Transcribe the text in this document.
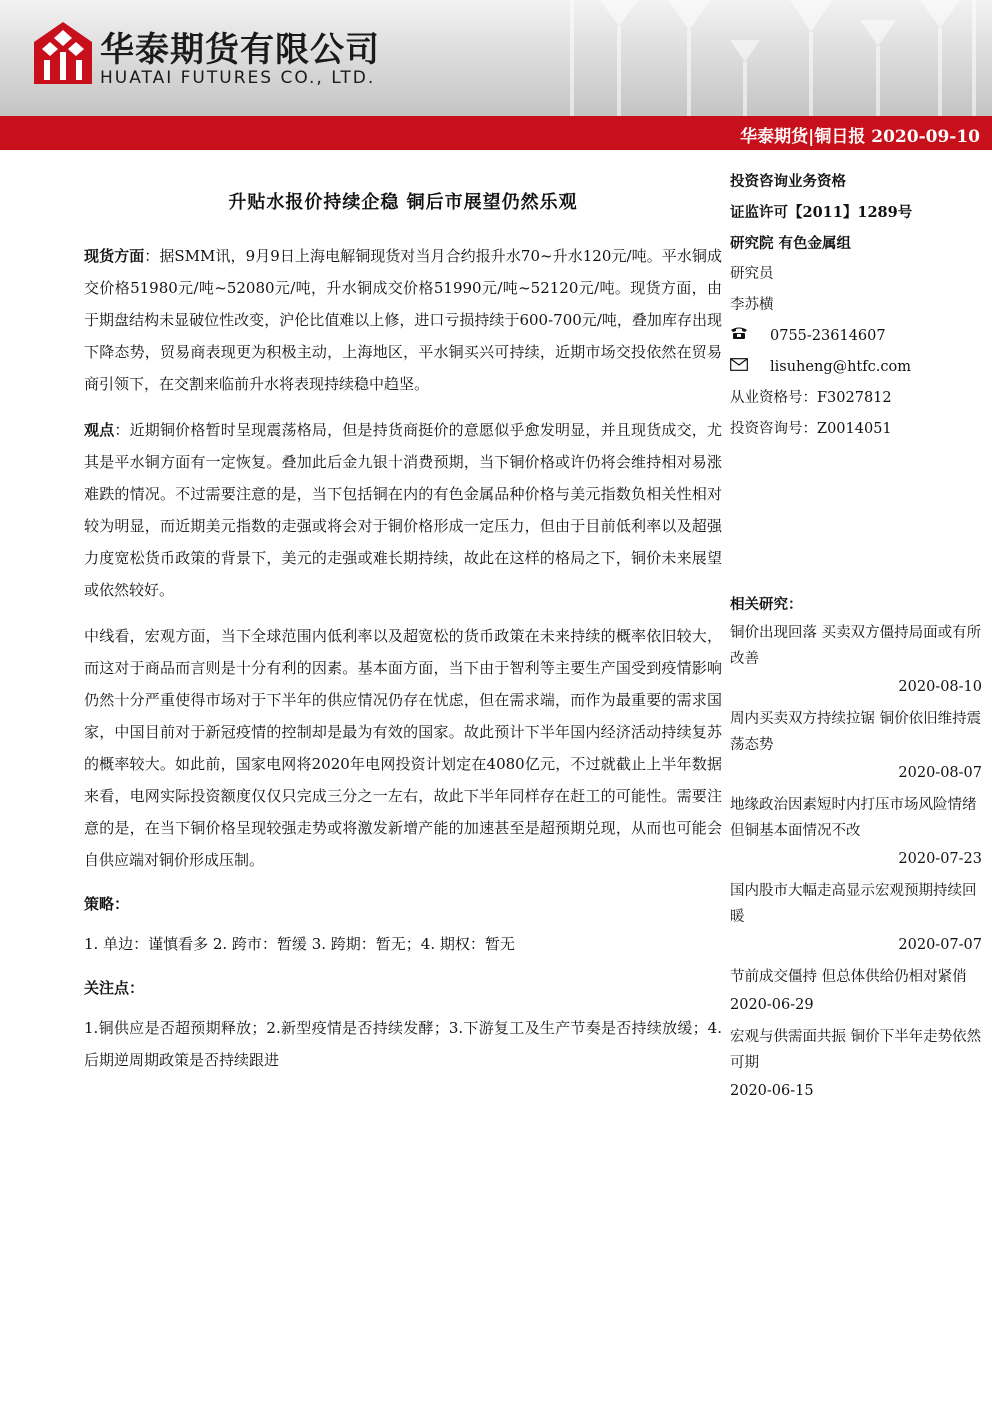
华泰期货有限公司
HUATAI FUTURES CO., LTD.
华泰期货|铜日报 2020-09-10
升贴水报价持续企稳 铜后市展望仍然乐观

现货方面：据SMM讯，9月9日上海电解铜现货对当月合约报升水70~升水120元/吨。平水铜成交价格51980元/吨~52080元/吨，升水铜成交价格51990元/吨~52120元/吨。现货方面，由于期盘结构未显破位性改变，沪伦比值难以上修，进口亏损持续于600-700元/吨，叠加库存出现下降态势，贸易商表现更为积极主动，上海地区，平水铜买兴可持续，近期市场交投依然在贸易商引领下，在交割来临前升水将表现持续稳中趋坚。

观点：近期铜价格暂时呈现震荡格局，但是持货商挺价的意愿似乎愈发明显，并且现货成交，尤其是平水铜方面有一定恢复。叠加此后金九银十消费预期，当下铜价格或许仍将会维持相对易涨难跌的情况。不过需要注意的是，当下包括铜在内的有色金属品种价格与美元指数负相关性相对较为明显，而近期美元指数的走强或将会对于铜价格形成一定压力，但由于目前低利率以及超强力度宽松货币政策的背景下，美元的走强或难长期持续，故此在这样的格局之下，铜价未来展望或依然较好。

中线看，宏观方面，当下全球范围内低利率以及超宽松的货币政策在未来持续的概率依旧较大，而这对于商品而言则是十分有利的因素。基本面方面，当下由于智利等主要生产国受到疫情影响仍然十分严重使得市场对于下半年的供应情况仍存在忧虑，但在需求端，而作为最重要的需求国家，中国目前对于新冠疫情的控制却是最为有效的国家。故此预计下半年国内经济活动持续复苏的概率较大。如此前，国家电网将2020年电网投资计划定在4080亿元，不过就截止上半年数据来看，电网实际投资额度仅仅只完成三分之一左右，故此下半年同样存在赶工的可能性。需要注意的是，在当下铜价格呈现较强走势或将激发新增产能的加速甚至是超预期兑现，从而也可能会自供应端对铜价形成压制。

策略：

1. 单边：谨慎看多 2. 跨市：暂缓 3. 跨期：暂无；4. 期权：暂无

关注点：

1.铜供应是否超预期释放；2.新型疫情是否持续发酵；3.下游复工及生产节奏是否持续放缓；4. 后期逆周期政策是否持续跟进

投资咨询业务资格
证监许可【2011】1289号
研究院 有色金属组
研究员
李苏横
0755-23614607
lisuheng@htfc.com
从业资格号：F3027812
投资咨询号：Z0014051
相关研究：
铜价出现回落 买卖双方僵持局面或有所改善
2020-08-10
周内买卖双方持续拉锯 铜价依旧维持震荡态势
2020-08-07
地缘政治因素短时内打压市场风险情绪 但铜基本面情况不改
2020-07-23
国内股市大幅走高显示宏观预期持续回暖
2020-07-07
节前成交僵持 但总体供给仍相对紧俏
2020-06-29
宏观与供需面共振 铜价下半年走势依然可期
2020-06-15
